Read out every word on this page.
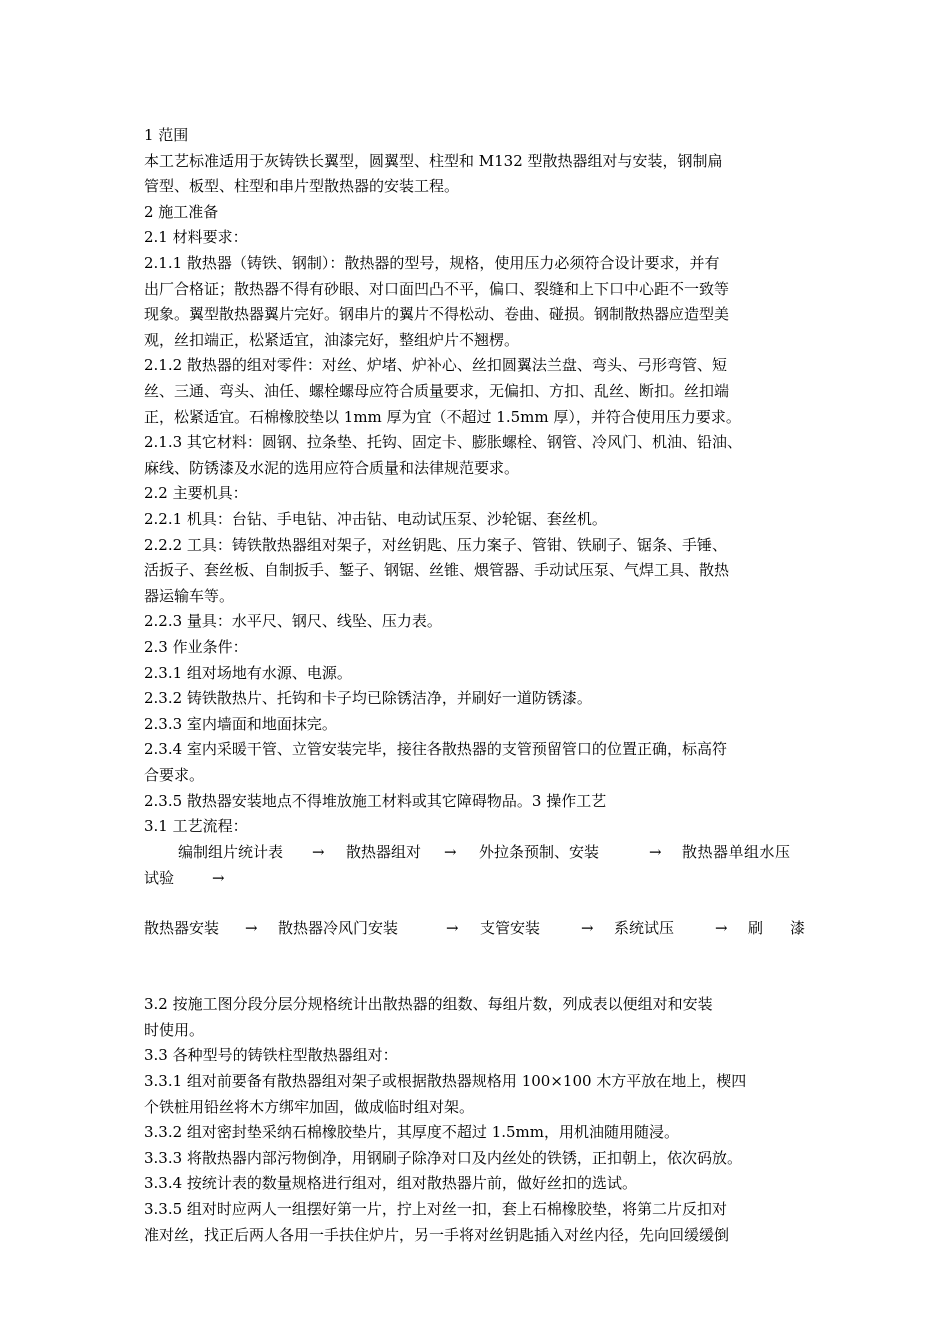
1 范围
本工艺标准适用于灰铸铁长翼型，圆翼型、柱型和 M132 型散热器组对与安装，钢制扁
管型、板型、柱型和串片型散热器的安装工程。
2 施工准备
2.1 材料要求：
2.1.1 散热器（铸铁、钢制）：散热器的型号，规格，使用压力必须符合设计要求，并有
出厂合格证；散热器不得有砂眼、对口面凹凸不平，偏口、裂缝和上下口中心距不一致等
现象。翼型散热器翼片完好。钢串片的翼片不得松动、卷曲、碰损。钢制散热器应造型美
观，丝扣端正，松紧适宜，油漆完好，整组炉片不翘楞。
2.1.2 散热器的组对零件：对丝、炉堵、炉补心、丝扣圆翼法兰盘、弯头、弓形弯管、短
丝、三通、弯头、油任、螺栓螺母应符合质量要求，无偏扣、方扣、乱丝、断扣。丝扣端
正，松紧适宜。石棉橡胶垫以 1mm 厚为宜（不超过 1.5mm 厚），并符合使用压力要求。
2.1.3 其它材料：圆钢、拉条垫、托钩、固定卡、膨胀螺栓、钢管、冷风门、机油、铅油、
麻线、防锈漆及水泥的选用应符合质量和法律规范要求。
2.2 主要机具：
2.2.1 机具：台钻、手电钻、冲击钻、电动试压泵、沙轮锯、套丝机。
2.2.2 工具：铸铁散热器组对架子，对丝钥匙、压力案子、管钳、铁刷子、锯条、手锤、
活扳子、套丝板、自制扳手、錾子、钢锯、丝锥、煨管器、手动试压泵、气焊工具、散热
器运输车等。
2.2.3 量具：水平尺、钢尺、线坠、压力表。
2.3 作业条件：
2.3.1 组对场地有水源、电源。
2.3.2 铸铁散热片、托钩和卡子均已除锈洁净，并刷好一道防锈漆。
2.3.3 室内墙面和地面抹完。
2.3.4 室内采暖干管、立管安装完毕，接往各散热器的支管预留管口的位置正确，标高符
合要求。
2.3.5 散热器安装地点不得堆放施工材料或其它障碍物品。3 操作工艺
3.1 工艺流程：
编制组片统计表 → 散热器组对 → 外拉条预制、安装	→ 散热器单组水压
试验	→
散热器安装 → 散热器冷风门安装	→ 支管安装	→ 系统试压	→ 刷 漆
3.2 按施工图分段分层分规格统计出散热器的组数、每组片数，列成表以便组对和安装
时使用。
3.3 各种型号的铸铁柱型散热器组对：
3.3.1 组对前要备有散热器组对架子或根据散热器规格用 100×100 木方平放在地上，楔四
个铁桩用铅丝将木方绑牢加固，做成临时组对架。
3.3.2 组对密封垫采纳石棉橡胶垫片，其厚度不超过 1.5mm，用机油随用随浸。
3.3.3 将散热器内部污物倒净，用钢刷子除净对口及内丝处的铁锈，正扣朝上，依次码放。
3.3.4 按统计表的数量规格进行组对，组对散热器片前，做好丝扣的选试。
3.3.5 组对时应两人一组摆好第一片，拧上对丝一扣，套上石棉橡胶垫，将第二片反扣对
准对丝，找正后两人各用一手扶住炉片，另一手将对丝钥匙插入对丝内径，先向回缓缓倒
